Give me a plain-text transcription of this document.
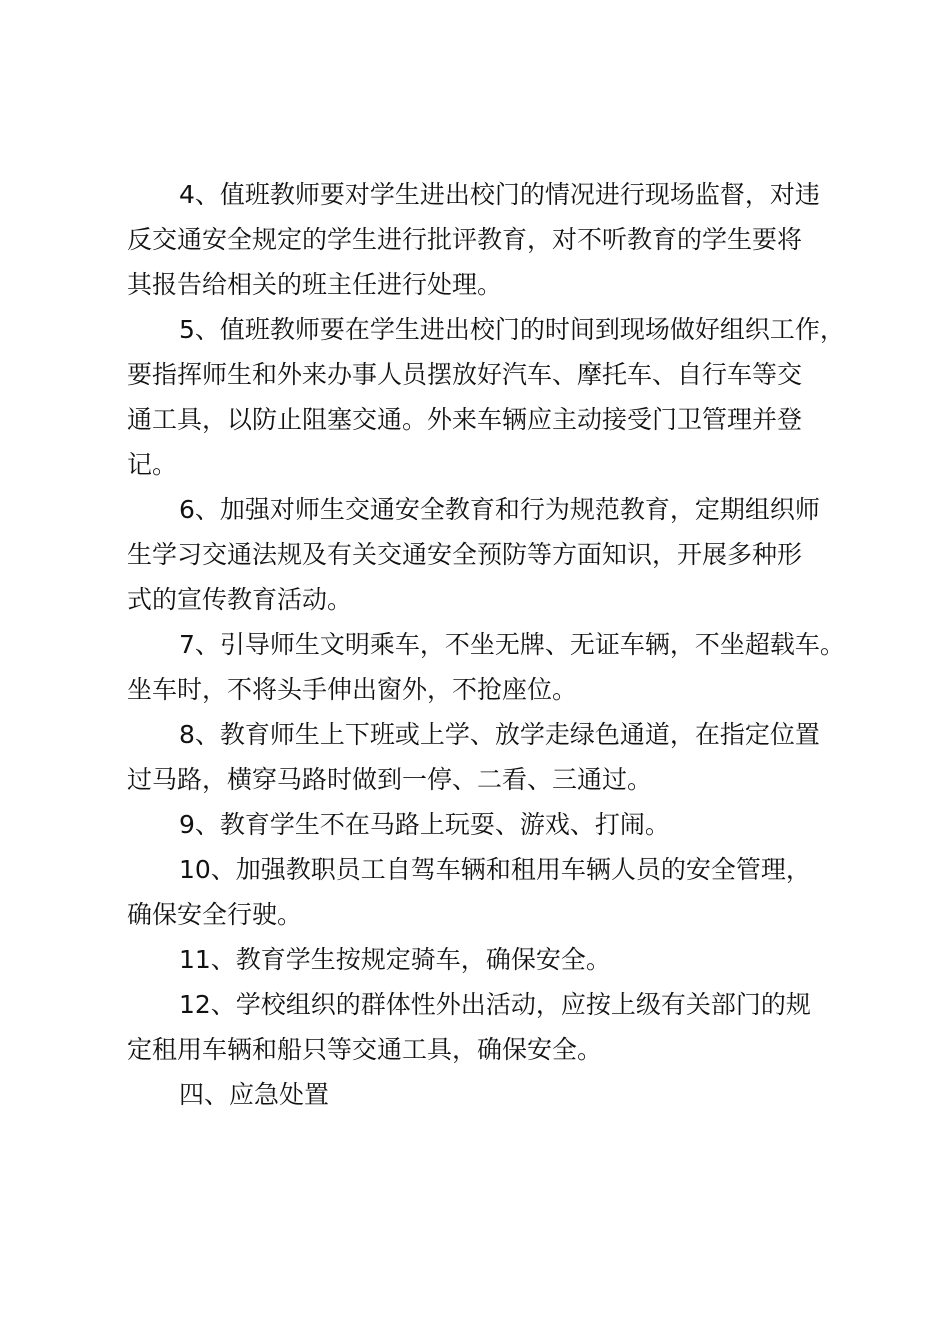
4、值班教师要对学生进出校门的情况进行现场监督，对违
反交通安全规定的学生进行批评教育，对不听教育的学生要将
其报告给相关的班主任进行处理。
5、值班教师要在学生进出校门的时间到现场做好组织工作，
要指挥师生和外来办事人员摆放好汽车、摩托车、自行车等交
通工具，以防止阻塞交通。外来车辆应主动接受门卫管理并登
记。
6、加强对师生交通安全教育和行为规范教育，定期组织师
生学习交通法规及有关交通安全预防等方面知识，开展多种形
式的宣传教育活动。
7、引导师生文明乘车，不坐无牌、无证车辆，不坐超载车。
坐车时，不将头手伸出窗外，不抢座位。
8、教育师生上下班或上学、放学走绿色通道，在指定位置
过马路，横穿马路时做到一停、二看、三通过。
9、教育学生不在马路上玩耍、游戏、打闹。
10、加强教职员工自驾车辆和租用车辆人员的安全管理，
确保安全行驶。
11、教育学生按规定骑车，确保安全。
12、学校组织的群体性外出活动，应按上级有关部门的规
定租用车辆和船只等交通工具，确保安全。
四、应急处置
